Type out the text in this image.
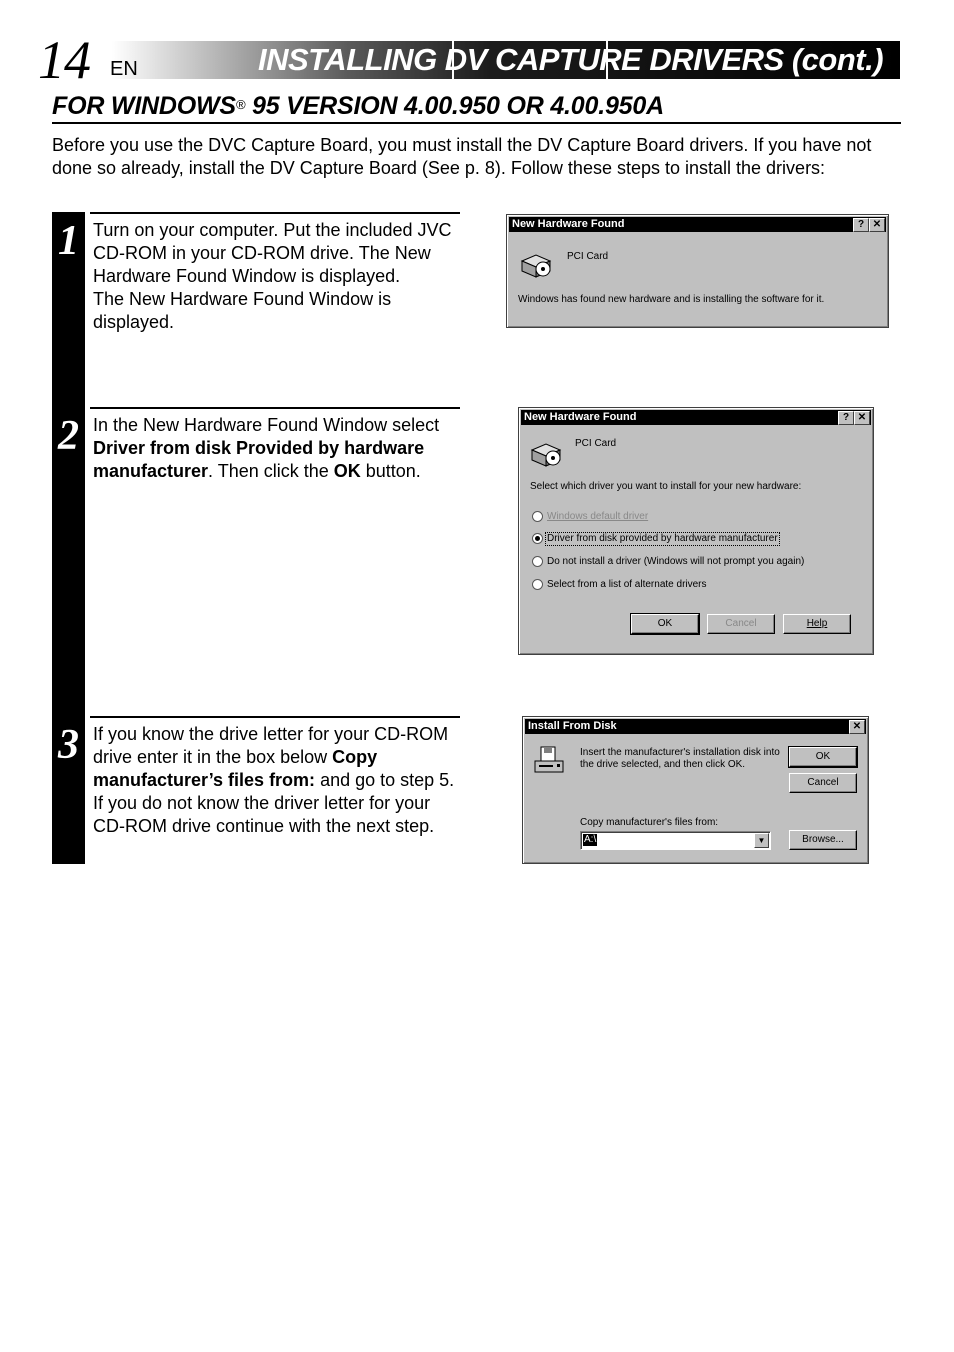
14 EN	INSTALLING DV CAPTURE DRIVERS (cont.)
FOR WINDOWS® 95 VERSION 4.00.950 OR 4.00.950A
Before you use the DVC Capture Board, you must install the DV Capture Board drivers. If you have not done so already, install the DV Capture Board (See p. 8). Follow these steps to install the drivers:
1 Turn on your computer. Put the included JVC CD-ROM in your CD-ROM drive. The New Hardware Found Window is displayed.
The New Hardware Found Window is displayed.
2 In the New Hardware Found Window select Driver from disk Provided by hardware manufacturer. Then click the OK button.
3 If you know the drive letter for your CD-ROM drive enter it in the box below Copy manufacturer’s files from: and go to step 5. If you do not know the driver letter for your CD-ROM drive continue with the next step.
New Hardware Found	? ✕
PCI Card
Windows has found new hardware and is installing the software for it.
New Hardware Found	? ✕
PCI Card
Select which driver you want to install for your new hardware:
Windows default driver
Driver from disk provided by hardware manufacturer
Do not install a driver (Windows will not prompt you again)
Select from a list of alternate drivers
OK	Cancel	Help
Install From Disk	✕
Insert the manufacturer's installation disk into
the drive selected, and then click OK.
OK
Cancel
Copy manufacturer's files from:
A:\	▼	Browse...
